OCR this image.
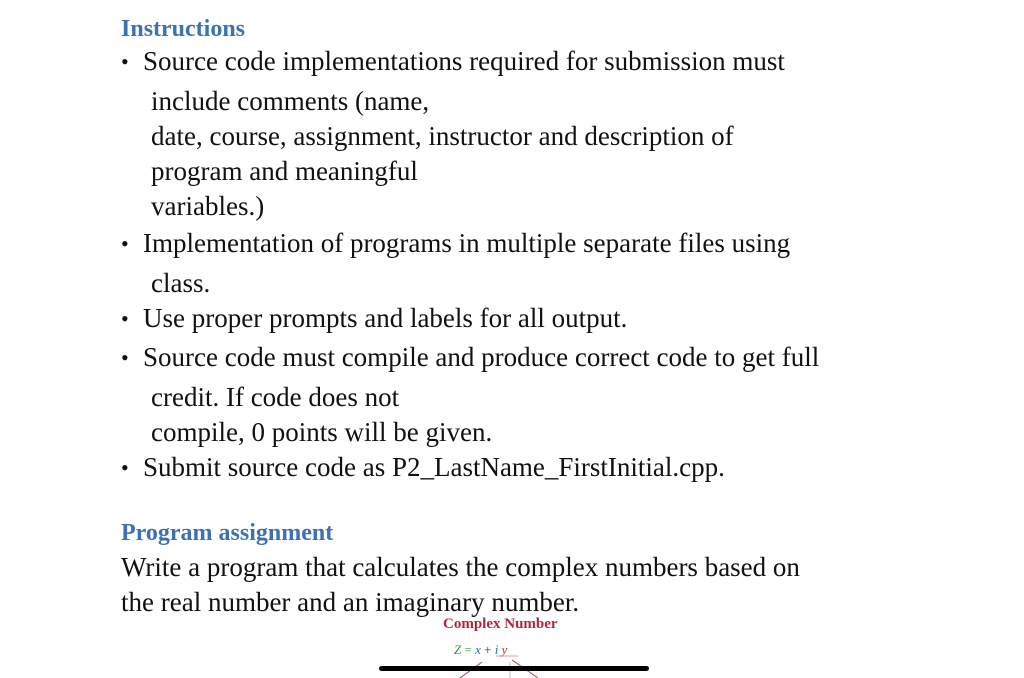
Instructions
• Source code implementations required for submission must
include comments (name,
date, course, assignment, instructor and description of
program and meaningful
variables.)
• Implementation of programs in multiple separate files using
class.
• Use proper prompts and labels for all output.
• Source code must compile and produce correct code to get full
credit. If code does not
compile, 0 points will be given.
• Submit source code as P2_LastName_FirstInitial.cpp.
Program assignment

Write a program that calculates the complex numbers based on
the real number and an imaginary number.

Complex Number
Z = x + i y
